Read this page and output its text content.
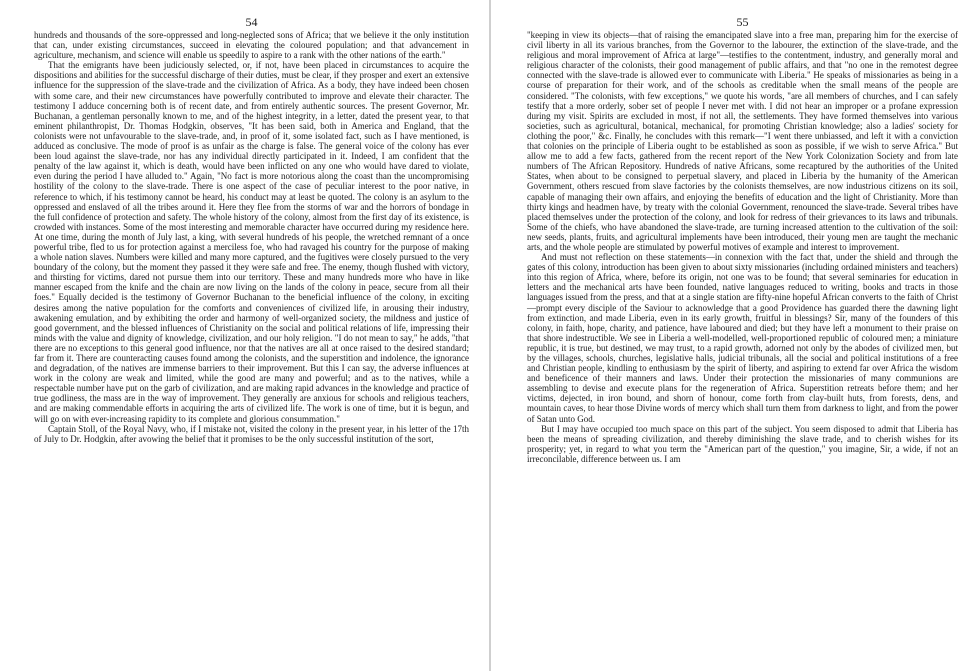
54

hundreds and thousands of the sore-oppressed and long-neglected sons of Africa; that we believe it the only institution that can, under existing circumstances, succeed in elevating the coloured population; and that advancement in agriculture, mechanism, and science will enable us speedily to aspire to a rank with the other nations of the earth."

That the emigrants have been judiciously selected, or, if not, have been placed in circumstances to acquire the dispositions and abilities for the successful discharge of their duties, must be clear, if they prosper and exert an extensive influence for the suppression of the slave-trade and the civilization of Africa. As a body, they have indeed been chosen with some care, and their new circumstances have powerfully contributed to improve and elevate their character. The testimony I adduce concerning both is of recent date, and from entirely authentic sources. The present Governor, Mr. Buchanan, a gentleman personally known to me, and of the highest integrity, in a letter, dated the present year, to that eminent philanthropist, Dr. Thomas Hodgkin, observes, "It has been said, both in America and England, that the colonists were not unfavourable to the slave-trade, and, in proof of it, some isolated fact, such as I have mentioned, is adduced as conclusive. The mode of proof is as unfair as the charge is false. The general voice of the colony has ever been loud against the slave-trade, nor has any individual directly participated in it. Indeed, I am confident that the penalty of the law against it, which is death, would have been inflicted on any one who would have dared to violate, even during the period I have alluded to." Again, "No fact is more notorious along the coast than the uncompromising hostility of the colony to the slave-trade. There is one aspect of the case of peculiar interest to the poor native, in reference to which, if his testimony cannot be heard, his conduct may at least be quoted. The colony is an asylum to the oppressed and enslaved of all the tribes around it. Here they flee from the storms of war and the horrors of bondage in the full confidence of protection and safety. The whole history of the colony, almost from the first day of its existence, is crowded with instances. Some of the most interesting and memorable character have occurred during my residence here. At one time, during the month of July last, a king, with several hundreds of his people, the wretched remnant of a once powerful tribe, fled to us for protection against a merciless foe, who had ravaged his country for the purpose of making a whole nation slaves. Numbers were killed and many more captured, and the fugitives were closely pursued to the very boundary of the colony, but the moment they passed it they were safe and free. The enemy, though flushed with victory, and thirsting for victims, dared not pursue them into our territory. These and many hundreds more who have in like manner escaped from the knife and the chain are now living on the lands of the colony in peace, secure from all their foes." Equally decided is the testimony of Governor Buchanan to the beneficial influence of the colony, in exciting desires among the native population for the comforts and conveniences of civilized life, in arousing their industry, awakening emulation, and by exhibiting the order and harmony of well-organized society, the mildness and justice of good government, and the blessed influences of Christianity on the social and political relations of life, impressing their minds with the value and dignity of knowledge, civilization, and our holy religion. "I do not mean to say," he adds, "that there are no exceptions to this general good influence, nor that the natives are all at once raised to the desired standard; far from it. There are counteracting causes found among the colonists, and the superstition and indolence, the ignorance and degradation, of the natives are immense barriers to their improvement. But this I can say, the adverse influences at work in the colony are weak and limited, while the good are many and powerful; and as to the natives, while a respectable number have put on the garb of civilization, and are making rapid advances in the knowledge and practice of true godliness, the mass are in the way of improvement. They generally are anxious for schools and religious teachers, and are making commendable efforts in acquiring the arts of civilized life. The work is one of time, but it is begun, and will go on with ever-increasing rapidity to its complete and glorious consummation."

Captain Stoll, of the Royal Navy, who, if I mistake not, visited the colony in the present year, in his letter of the 17th of July to Dr. Hodgkin, after avowing the belief that it promises to be the only successful institution of the sort,

55

"keeping in view its objects—that of raising the emancipated slave into a free man, preparing him for the exercise of civil liberty in all its various branches, from the Governor to the labourer, the extinction of the slave-trade, and the religious and moral improvement of Africa at large"—testifies to the contentment, industry, and generally moral and religious character of the colonists, their good management of public affairs, and that "no one in the remotest degree connected with the slave-trade is allowed ever to communicate with Liberia." He speaks of missionaries as being in a course of preparation for their work, and of the schools as creditable when the small means of the people are considered. "The colonists, with few exceptions," we quote his words, "are all members of churches, and I can safely testify that a more orderly, sober set of people I never met with. I did not hear an improper or a profane expression during my visit. Spirits are excluded in most, if not all, the settlements. They have formed themselves into various societies, such as agricultural, botanical, mechanical, for promoting Christian knowledge; also a ladies' society for clothing the poor," &c. Finally, he concludes with this remark—"I went there unbiassed, and left it with a conviction that colonies on the principle of Liberia ought to be established as soon as possible, if we wish to serve Africa." But allow me to add a few facts, gathered from the recent report of the New York Colonization Society and from late numbers of The African Repository. Hundreds of native Africans, some recaptured by the authorities of the United States, when about to be consigned to perpetual slavery, and placed in Liberia by the humanity of the American Government, others rescued from slave factories by the colonists themselves, are now industrious citizens on its soil, capable of managing their own affairs, and enjoying the benefits of education and the light of Christianity. More than thirty kings and headmen have, by treaty with the colonial Government, renounced the slave-trade. Several tribes have placed themselves under the protection of the colony, and look for redress of their grievances to its laws and tribunals. Some of the chiefs, who have abandoned the slave-trade, are turning increased attention to the cultivation of the soil: new seeds, plants, fruits, and agricultural implements have been introduced, their young men are taught the mechanic arts, and the whole people are stimulated by powerful motives of example and interest to improvement.

And must not reflection on these statements—in connexion with the fact that, under the shield and through the gates of this colony, introduction has been given to about sixty missionaries (including ordained ministers and teachers) into this region of Africa, where, before its origin, not one was to be found; that several seminaries for education in letters and the mechanical arts have been founded, native languages reduced to writing, books and tracts in those languages issued from the press, and that at a single station are fifty-nine hopeful African converts to the faith of Christ—prompt every disciple of the Saviour to acknowledge that a good Providence has guarded there the dawning light from extinction, and made Liberia, even in its early growth, fruitful in blessings? Sir, many of the founders of this colony, in faith, hope, charity, and patience, have laboured and died; but they have left a monument to their praise on that shore indestructible. We see in Liberia a well-modelled, well-proportioned republic of coloured men; a miniature republic, it is true, but destined, we may trust, to a rapid growth, adorned not only by the abodes of civilized men, but by the villages, schools, churches, legislative halls, judicial tribunals, all the social and political institutions of a free and Christian people, kindling to enthusiasm by the spirit of liberty, and aspiring to extend far over Africa the wisdom and beneficence of their manners and laws. Under their protection the missionaries of many communions are assembling to devise and execute plans for the regeneration of Africa. Superstition retreats before them; and her victims, dejected, in iron bound, and shorn of honour, come forth from clay-built huts, from forests, dens, and mountain caves, to hear those Divine words of mercy which shall turn them from darkness to light, and from the power of Satan unto God.

But I may have occupied too much space on this part of the subject. You seem disposed to admit that Liberia has been the means of spreading civilization, and thereby diminishing the slave trade, and to cherish wishes for its prosperity; yet, in regard to what you term the "American part of the question," you imagine, Sir, a wide, if not an irreconcilable, difference between us. I am
